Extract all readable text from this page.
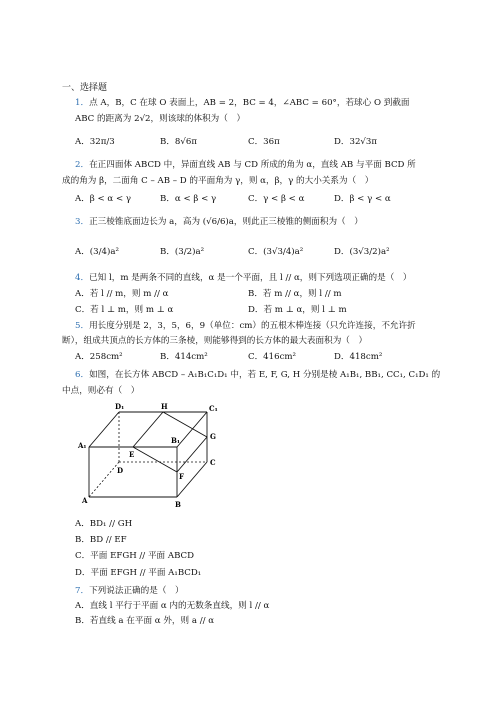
一、选择题
1．点 A，B，C 在球 O 表面上，AB = 2，BC = 4，∠ABC = 60°，若球心 O 到截面
ABC 的距离为 2√2，则该球的体积为（　）
A．32π/3	B．8√6π	C．36π	D．32√3π
2．在正四面体 ABCD 中，异面直线 AB 与 CD 所成的角为 α，直线 AB 与平面 BCD 所
成的角为 β，二面角 C – AB – D 的平面角为 γ，则 α，β，γ 的大小关系为（　）
A．β < α < γ	B．α < β < γ	C．γ < β < α	D．β < γ < α
3．正三棱锥底面边长为 a，高为 (√6/6)a，则此正三棱锥的侧面积为（　）
A．(3/4)a²	B．(3/2)a²	C．(3√3/4)a²	D．(3√3/2)a²
4．已知 l，m 是两条不同的直线，α 是一个平面，且 l // α，则下列选项正确的是（　）
A．若 l // m，则 m // α	B．若 m // α，则 l // m
C．若 l ⊥ m，则 m ⊥ α	D．若 m ⊥ α，则 l ⊥ m
5．用长度分别是 2，3，5，6，9（单位：cm）的五根木棒连接（只允许连接，不允许折
断），组成共顶点的长方体的三条棱，则能够得到的长方体的最大表面积为（　）
A．258cm²	B．414cm²	C．416cm²	D．418cm²
6．如图，在长方体 ABCD – A₁B₁C₁D₁ 中，若 E, F, G, H 分别是棱 A₁B₁, BB₁, CC₁, C₁D₁ 的
中点，则必有（　）
D₁	H	C₁
A₁
B₁	G
E
C
D
F
A	B
A．BD₁ // GH
B．BD // EF
C．平面 EFGH // 平面 ABCD
D．平面 EFGH // 平面 A₁BCD₁
7．下列说法正确的是（　）
A．直线 l 平行于平面 α 内的无数条直线，则 l // α
B．若直线 a 在平面 α 外，则 a // α
